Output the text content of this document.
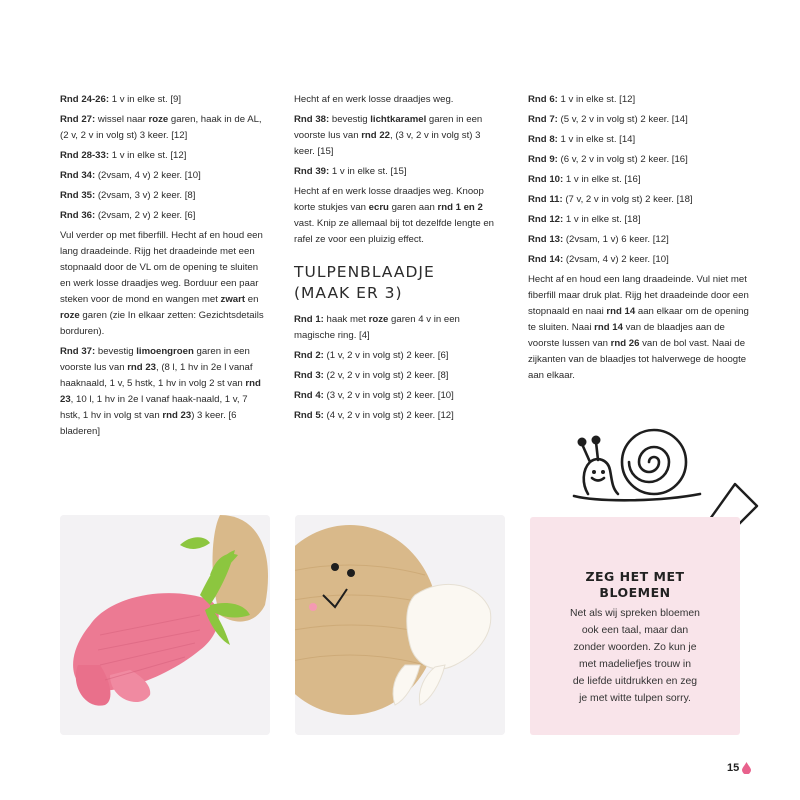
Rnd 24-26: 1 v in elke st. [9]

Rnd 27: wissel naar roze garen, haak in de AL, (2 v, 2 v in volg st) 3 keer. [12]

Rnd 28-33: 1 v in elke st. [12]

Rnd 34: (2vsam, 4 v) 2 keer. [10]

Rnd 35: (2vsam, 3 v) 2 keer. [8]

Rnd 36: (2vsam, 2 v) 2 keer. [6]

Vul verder op met fiberfill. Hecht af en houd een lang draadeinde. Rijg het draadeinde met een stopnaald door de VL om de opening te sluiten en werk losse draadjes weg. Borduur een paar steken voor de mond en wangen met zwart en roze garen (zie In elkaar zetten: Gezichtsdetails borduren).

Rnd 37: bevestig limoengroen garen in een voorste lus van rnd 23, (8 l, 1 hv in 2e l vanaf haaknaald, 1 v, 5 hstk, 1 hv in volg 2 st van rnd 23, 10 l, 1 hv in 2e l vanaf haak-naald, 1 v, 7 hstk, 1 hv in volg st van rnd 23) 3 keer. [6 bladeren]

Hecht af en werk losse draadjes weg.

Rnd 38: bevestig lichtkaramel garen in een voorste lus van rnd 22, (3 v, 2 v in volg st) 3 keer. [15]

Rnd 39: 1 v in elke st. [15]

Hecht af en werk losse draadjes weg. Knoop korte stukjes van ecru garen aan rnd 1 en 2 vast. Knip ze allemaal bij tot dezelfde lengte en rafel ze voor een pluizig effect.

TULPENBLAADJE
(MAAK ER 3)

Rnd 1: haak met roze garen 4 v in een magische ring. [4]

Rnd 2: (1 v, 2 v in volg st) 2 keer. [6]

Rnd 3: (2 v, 2 v in volg st) 2 keer. [8]

Rnd 4: (3 v, 2 v in volg st) 2 keer. [10]

Rnd 5: (4 v, 2 v in volg st) 2 keer. [12]

Rnd 6: 1 v in elke st. [12]

Rnd 7: (5 v, 2 v in volg st) 2 keer. [14]

Rnd 8: 1 v in elke st. [14]

Rnd 9: (6 v, 2 v in volg st) 2 keer. [16]

Rnd 10: 1 v in elke st. [16]

Rnd 11: (7 v, 2 v in volg st) 2 keer. [18]

Rnd 12: 1 v in elke st. [18]

Rnd 13: (2vsam, 1 v) 6 keer. [12]

Rnd 14: (2vsam, 4 v) 2 keer. [10]

Hecht af en houd een lang draadeinde. Vul niet met fiberfill maar druk plat. Rijg het draadeinde door een stopnaald en naai rnd 14 aan elkaar om de opening te sluiten. Naai rnd 14 van de blaadjes aan de voorste lussen van rnd 26 van de bol vast. Naai de zijkanten van de blaadjes tot halverwege de hoogte aan elkaar.

ZEG HET MET
BLOEMEN
Net als wij spreken bloemen
ook een taal, maar dan
zonder woorden. Zo kun je
met madeliefjes trouw in
de liefde uitdrukken en zeg
je met witte tulpen sorry.
15
